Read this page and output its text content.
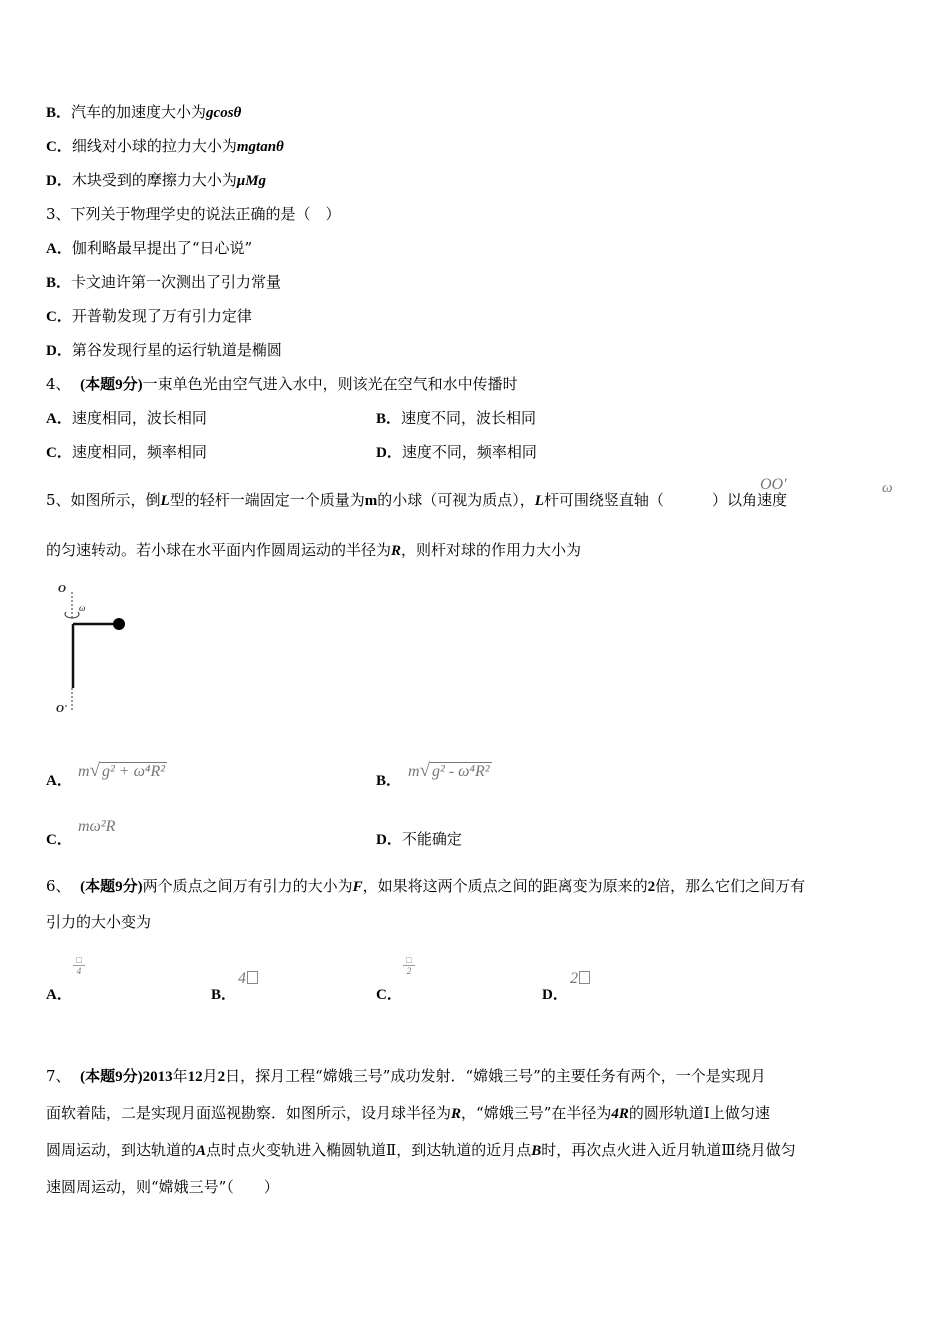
B．汽车的加速度大小为gcosθ
C．细线对小球的拉力大小为mgtanθ
D．木块受到的摩擦力大小为μMg
3、下列关于物理学史的说法正确的是（　）
A．伽利略最早提出了“日心说”
B．卡文迪许第一次测出了引力常量
C．开普勒发现了万有引力定律
D．第谷发现行星的运行轨道是椭圆
4、 (本题9分)一束单色光由空气进入水中，则该光在空气和水中传播时
A．速度相同，波长相同	B．速度不同，波长相同
C．速度相同，频率相同	D．速度不同，频率相同
5、如图所示，倒L型的轻杆一端固定一个质量为m的小球（可视为质点），L杆可围绕竖直轴（	）以角速度
OO′	ω
的匀速转动。若小球在水平面内作圆周运动的半径为R，则杆对球的作用力大小为
O
ω
O'
A．
m√ g² + ω⁴R²
B．
m√ g² - ω⁴R²
C．
mω²R
D．不能确定
6、 (本题9分)两个质点之间万有引力的大小为F，如果将这两个质点之间的距离变为原来的2倍，那么它们之间万有
引力的大小变为
A．
□
4
B．
4
C．
□
2
D．
2
7、 (本题9分)2013年12月2日，探月工程“嫦娥三号”成功发射．“嫦娥三号”的主要任务有两个，一个是实现月
面软着陆，二是实现月面巡视勘察．如图所示，设月球半径为R，“嫦娥三号”在半径为4R的圆形轨道Ⅰ上做匀速
圆周运动，到达轨道的A点时点火变轨进入椭圆轨道Ⅱ，到达轨道的近月点B时，再次点火进入近月轨道Ⅲ绕月做匀
速圆周运动，则“嫦娥三号”（　　）
